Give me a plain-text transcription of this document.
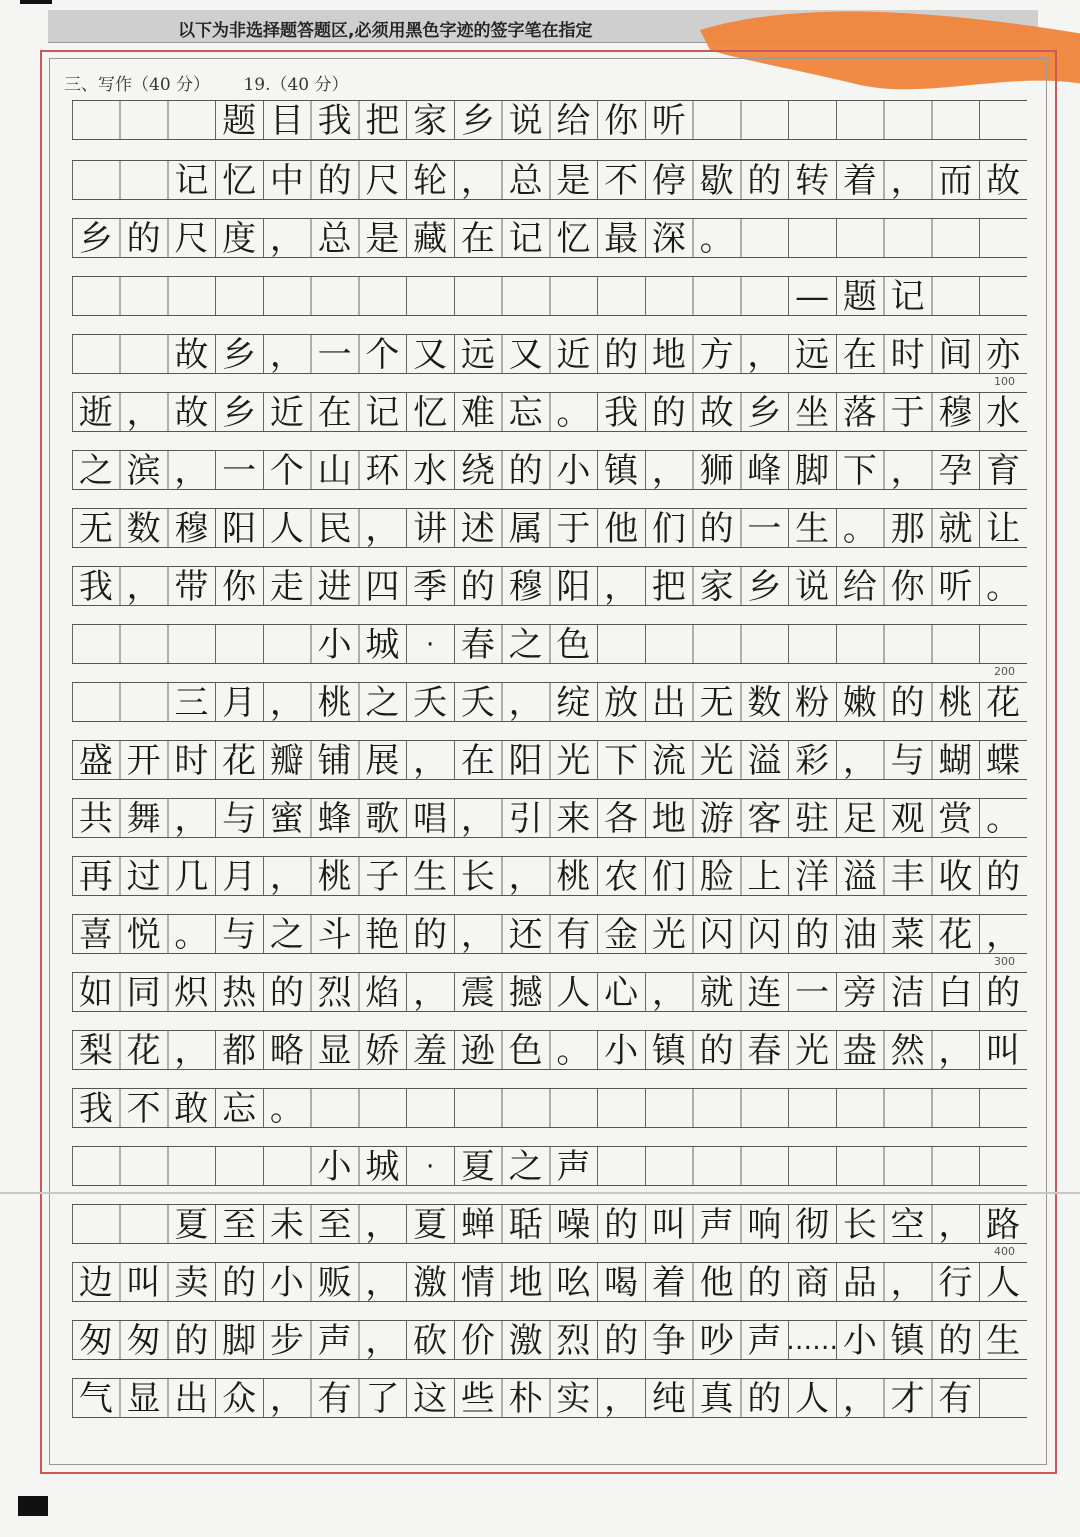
以下为非选择题答题区,必须用黑色字迹的签字笔在指定
三、写作（40 分） 19.（40 分）
题 目 我 把 家 乡 说 给 你 听
记 忆 中 的 尺 轮 ， 总 是 不 停 歇 的 转 着 ， 而 故
乡 的 尺 度 ， 总 是 藏 在 记 忆 最 深 。
— 题 记
故 乡 ， 一 个 又 远 又 近 的 地 方 ， 远 在 时 间 亦
逝 ， 故 乡 近 在 记 忆 难 忘 。 我 的 故 乡 坐 落 于 穆 水
之 滨 ， 一 个 山 环 水 绕 的 小 镇 ， 狮 峰 脚 下 ， 孕 育
无 数 穆 阳 人 民 ， 讲 述 属 于 他 们 的 一 生 。 那 就 让
我 ， 带 你 走 进 四 季 的 穆 阳 ， 把 家 乡 说 给 你 听 。
小 城	· 春 之 色
三 月 ， 桃 之 夭 夭 ， 绽 放 出 无 数 粉 嫩 的 桃 花
盛 开 时 花 瓣 铺 展 ， 在 阳 光 下 流 光 溢 彩 ， 与 蝴 蝶
共 舞 ， 与 蜜 蜂 歌 唱 ， 引 来 各 地 游 客 驻 足 观 赏 。
再 过 几 月 ， 桃 子 生 长 ， 桃 农 们 脸 上 洋 溢 丰 收 的
喜 悦 。 与 之 斗 艳 的 ， 还 有 金 光 闪 闪 的 油 菜 花 ，
如 同 炽 热 的 烈 焰 ， 震 撼 人 心 ， 就 连 一 旁 洁 白 的
梨 花 ， 都 略 显 娇 羞 逊 色 。 小 镇 的 春 光 盎 然 ， 叫
我 不 敢 忘 。
小 城	· 夏 之 声
夏 至 未 至 ， 夏 蝉 聒 噪 的 叫 声 响 彻 长 空 ， 路
边 叫 卖 的 小 贩 ， 激 情 地 吆 喝 着 他 的 商 品 ， 行 人
匆 匆 的 脚 步 声 ， 砍 价 激 烈 的 争 吵 声 …… 小 镇 的 生
气 显 出 众 ， 有 了 这 些 朴 实 ， 纯 真 的 人 ， 才 有
100
200
300
400
